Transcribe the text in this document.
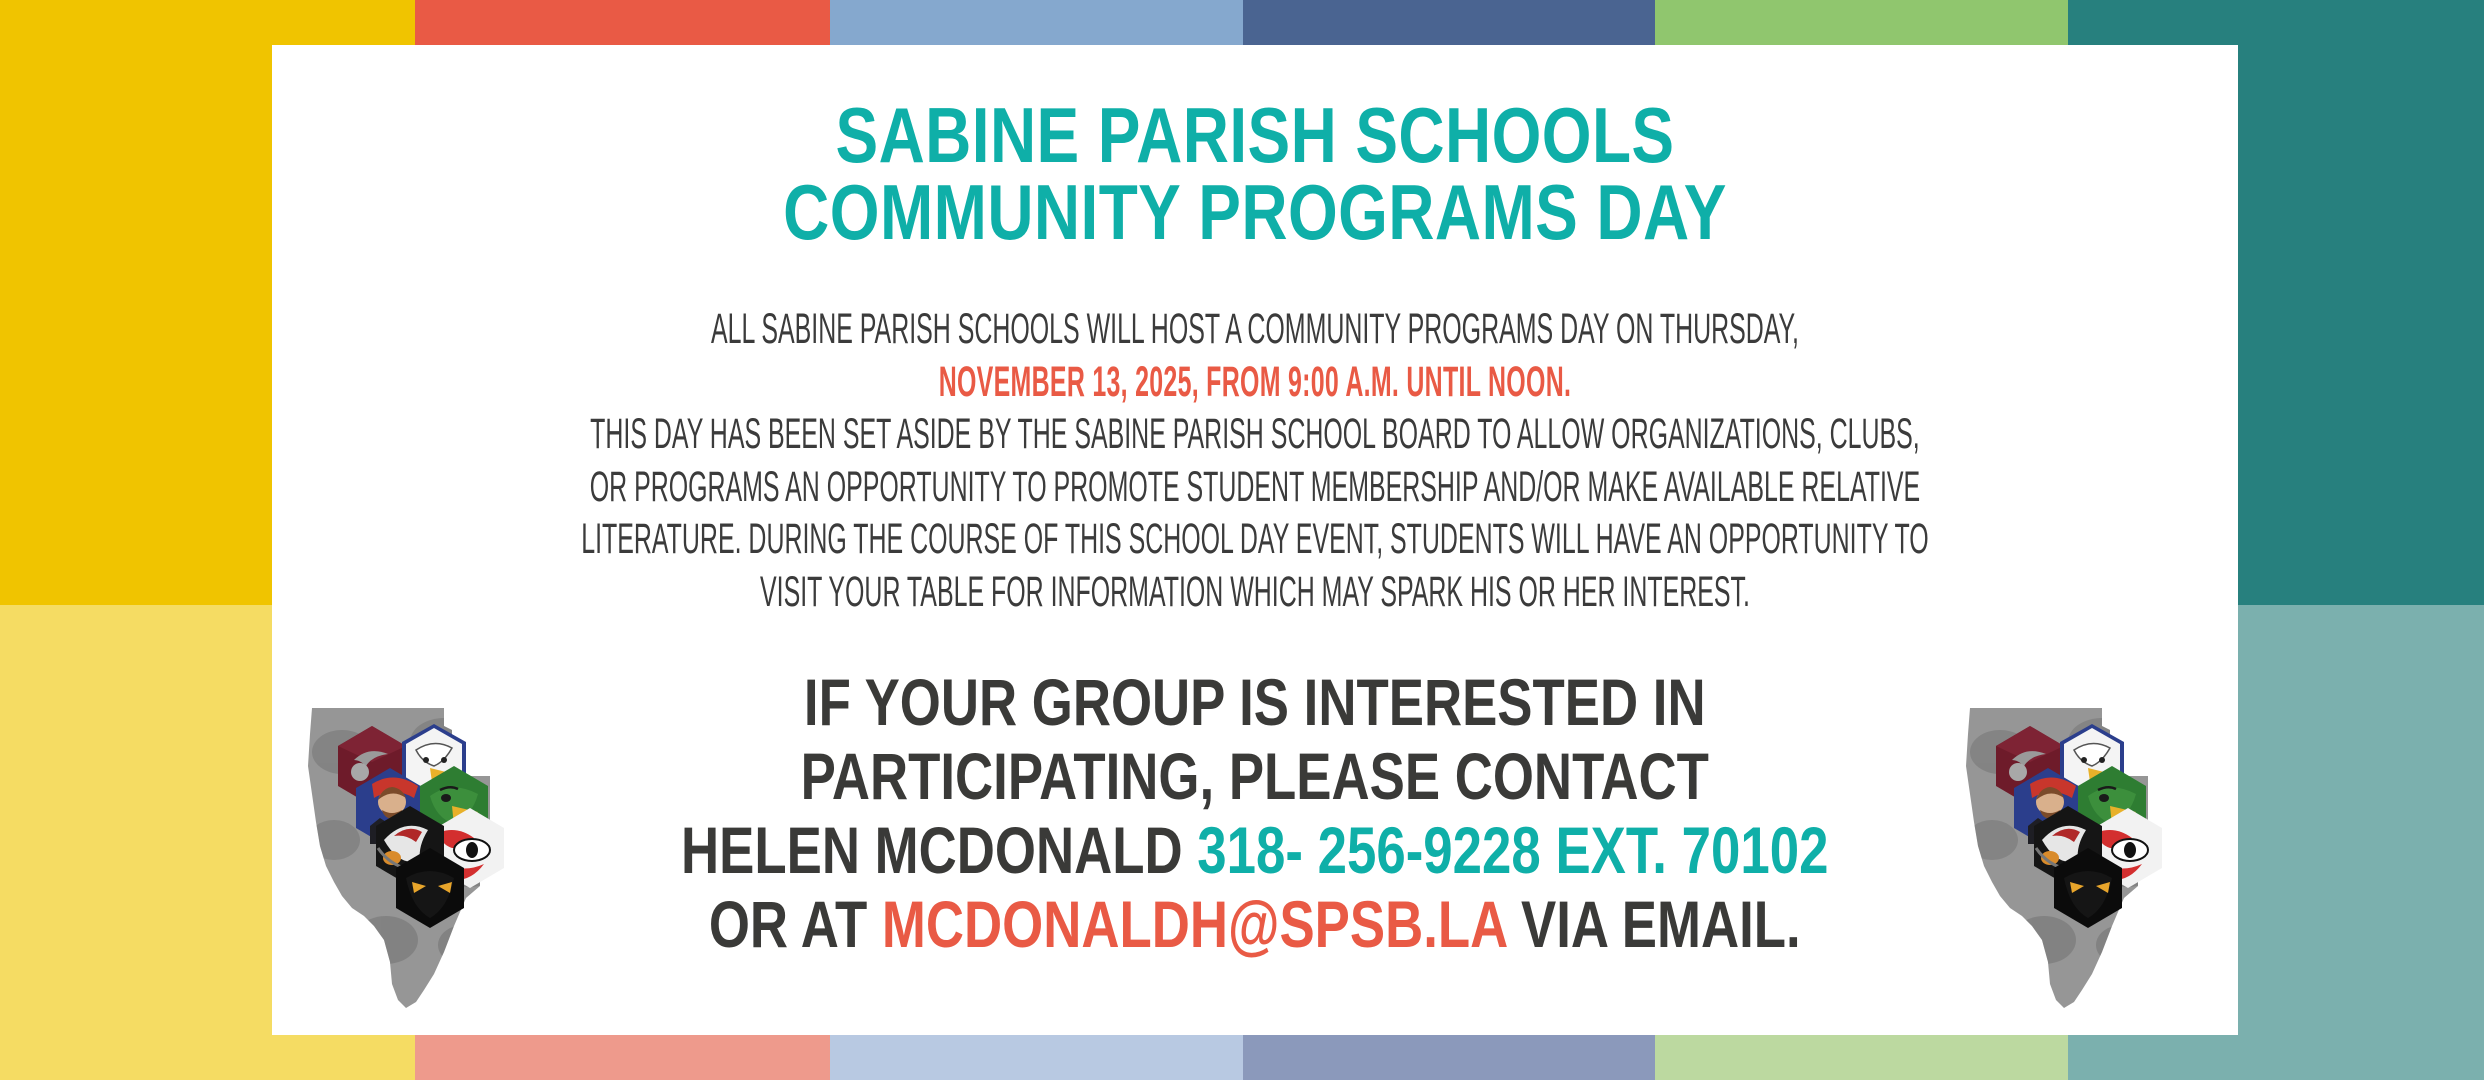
SABINE PARISH SCHOOLS
COMMUNITY PROGRAMS DAY
ALL SABINE PARISH SCHOOLS WILL HOST A COMMUNITY PROGRAMS DAY ON THURSDAY,
NOVEMBER 13, 2025, FROM 9:00 A.M. UNTIL NOON.
THIS DAY HAS BEEN SET ASIDE BY THE SABINE PARISH SCHOOL BOARD TO ALLOW ORGANIZATIONS, CLUBS,
OR PROGRAMS AN OPPORTUNITY TO PROMOTE STUDENT MEMBERSHIP AND/OR MAKE AVAILABLE RELATIVE
LITERATURE. DURING THE COURSE OF THIS SCHOOL DAY EVENT, STUDENTS WILL HAVE AN OPPORTUNITY TO
VISIT YOUR TABLE FOR INFORMATION WHICH MAY SPARK HIS OR HER INTEREST.
IF YOUR GROUP IS INTERESTED IN
PARTICIPATING, PLEASE CONTACT
HELEN MCDONALD 318- 256-9228 EXT. 70102
OR AT MCDONALDH@SPSB.LA VIA EMAIL.
